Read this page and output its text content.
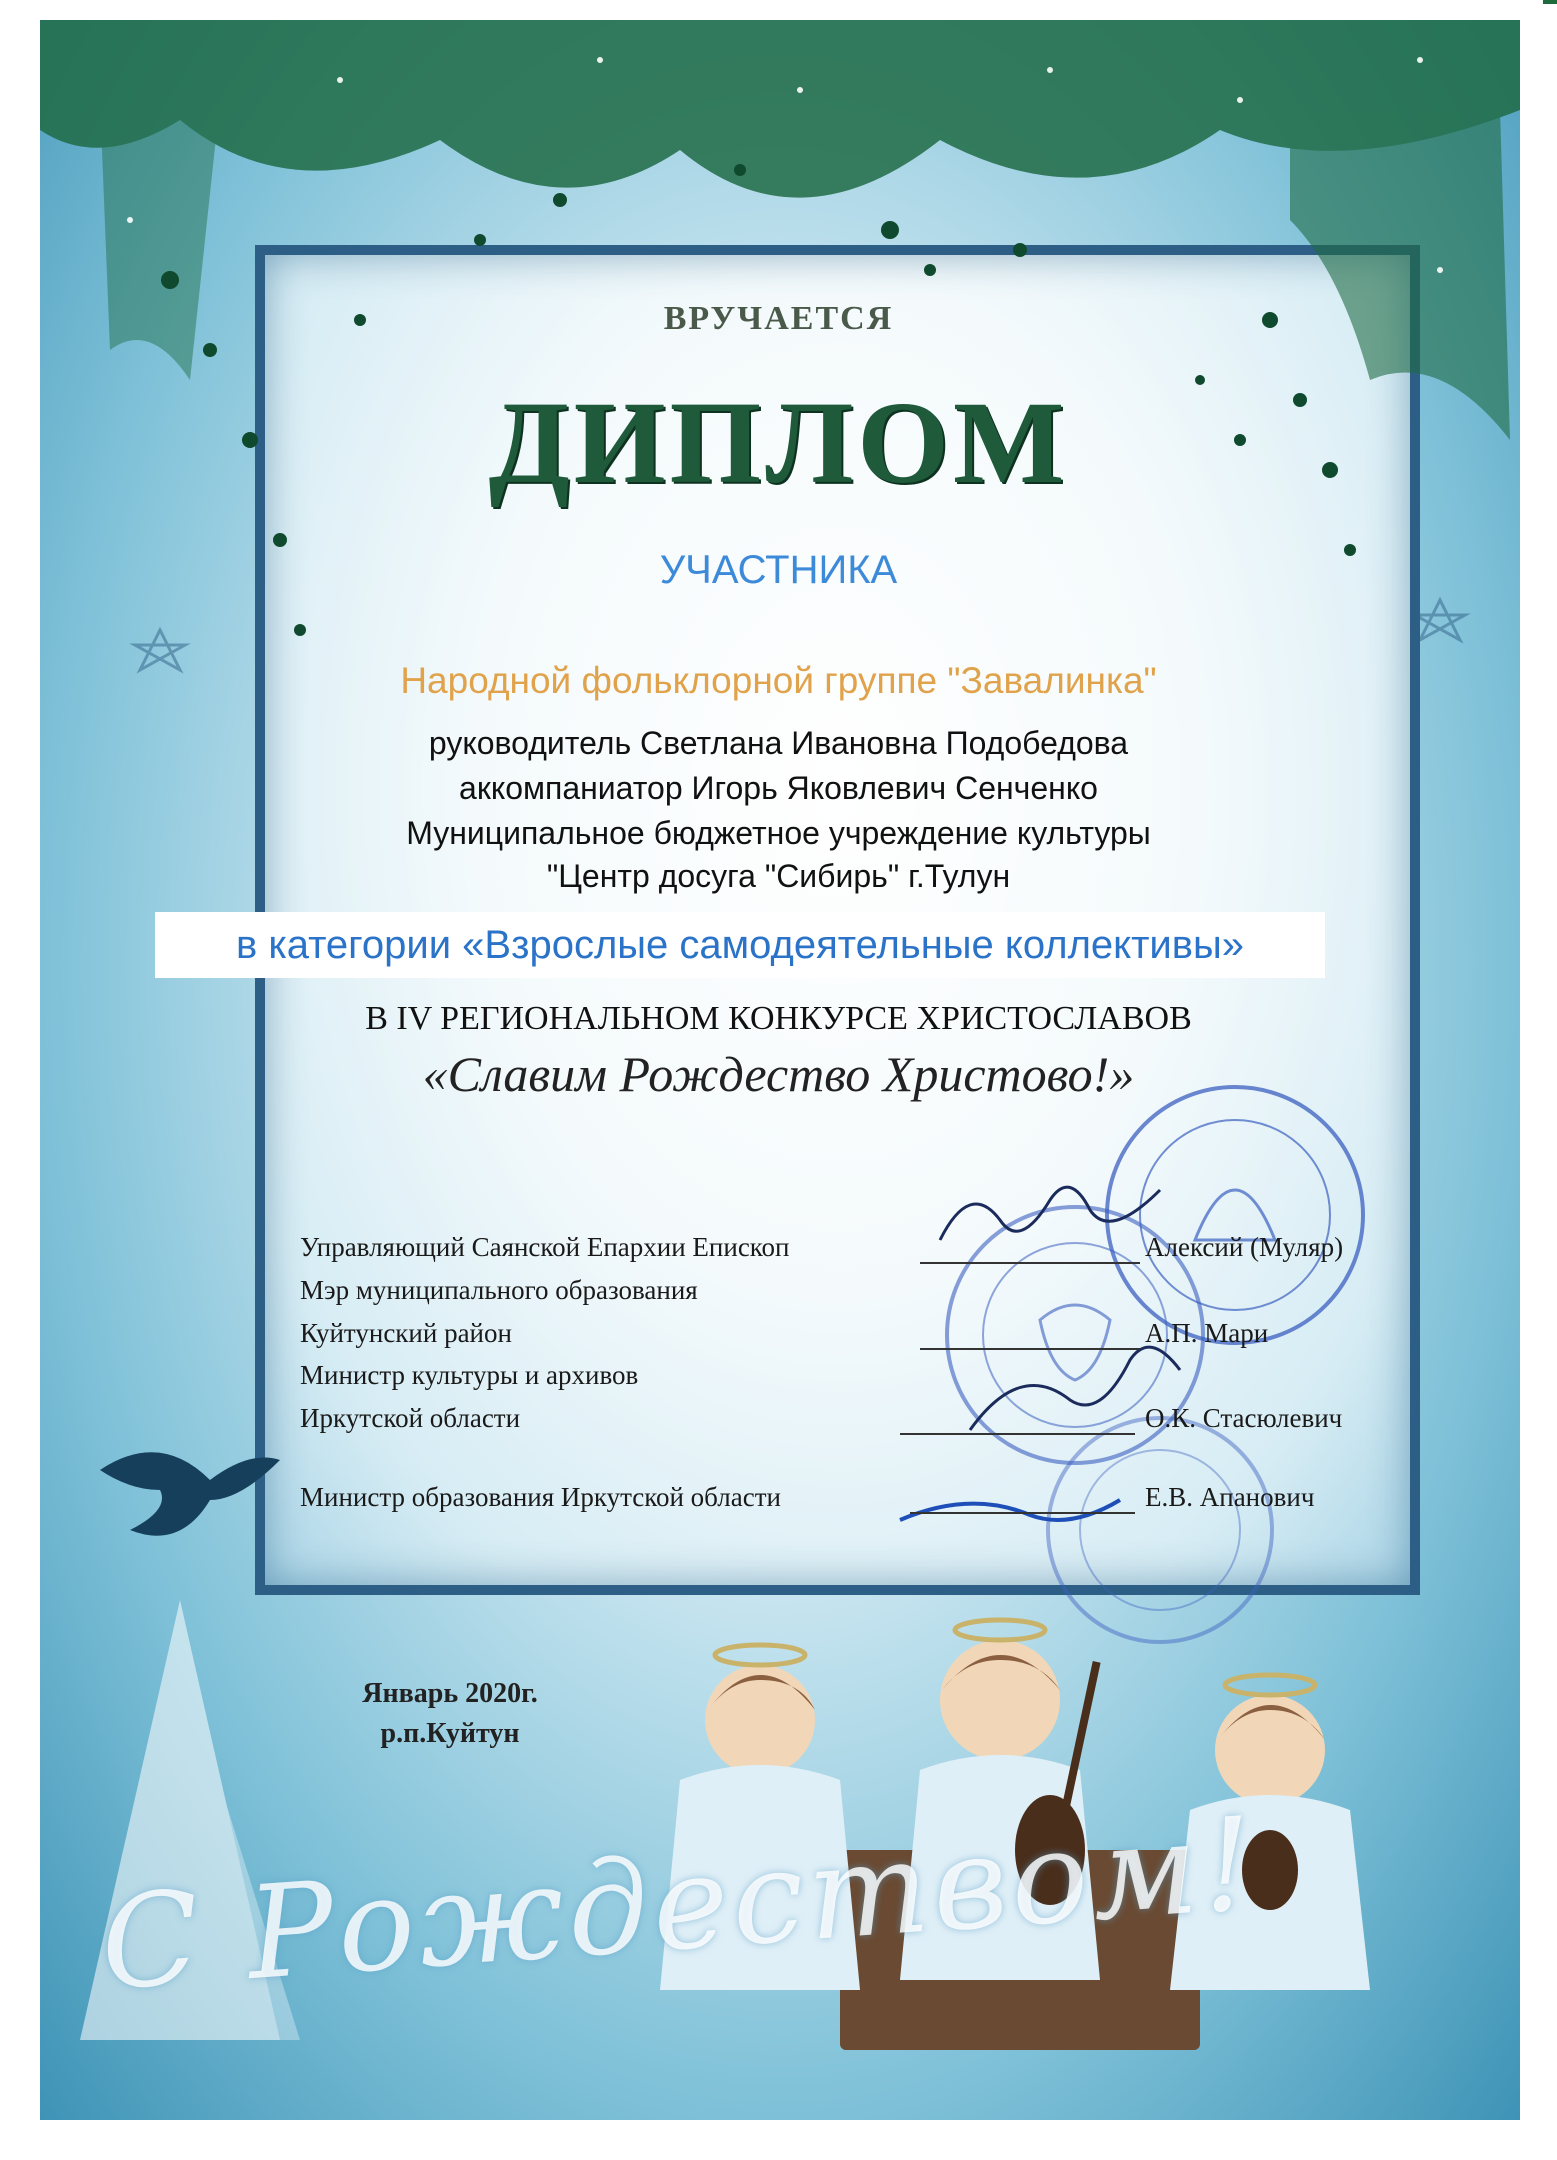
ВРУЧАЕТСЯ
ДИПЛОМ
УЧАСТНИКА
Народной фольклорной группе "Завалинка"
руководитель Светлана Ивановна Подобедова
аккомпаниатор Игорь Яковлевич Сенченко
Муниципальное бюджетное учреждение культуры
"Центр досуга "Сибирь" г.Тулун
в категории «Взрослые самодеятельные коллективы»
В IV РЕГИОНАЛЬНОМ КОНКУРСЕ ХРИСТОСЛАВОВ
«Славим Рождество Христово!»
Управляющий Саянской Епархии Епископ	Алексий (Муляр)
Мэр муниципального образования
Куйтунский район	А.П. Мари
Министр культуры и архивов
Иркутской области	О.К. Стасюлевич
Министр образования Иркутской области	Е.В. Апанович
Январь 2020г.
р.п.Куйтун
С Рождеством!
